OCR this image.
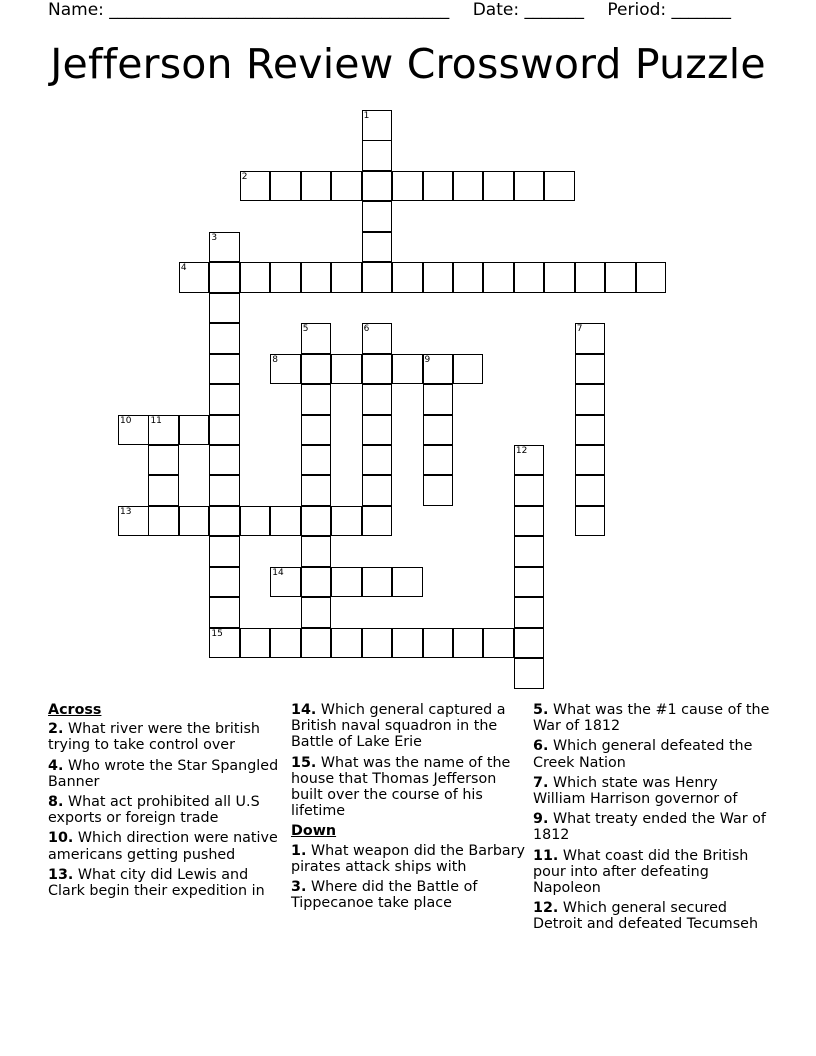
Name: ________________________________________ Date: _______ Period: _______
Jefferson Review Crossword Puzzle
1
2
3
4
5	6	7
8	9
10 11
12
13
14
15
Across
2. What river were the british trying to take control over
4. Who wrote the Star Spangled Banner
8. What act prohibited all U.S exports or foreign trade
10. Which direction were native americans getting pushed
13. What city did Lewis and Clark begin their expedition in
14. Which general captured a British naval squadron in the Battle of Lake Erie
15. What was the name of the house that Thomas Jefferson built over the course of his lifetime
Down
1. What weapon did the Barbary pirates attack ships with
3. Where did the Battle of Tippecanoe take place
5. What was the #1 cause of the War of 1812
6. Which general defeated the Creek Nation
7. Which state was Henry William Harrison governor of
9. What treaty ended the War of 1812
11. What coast did the British pour into after defeating Napoleon
12. Which general secured Detroit and defeated Tecumseh
